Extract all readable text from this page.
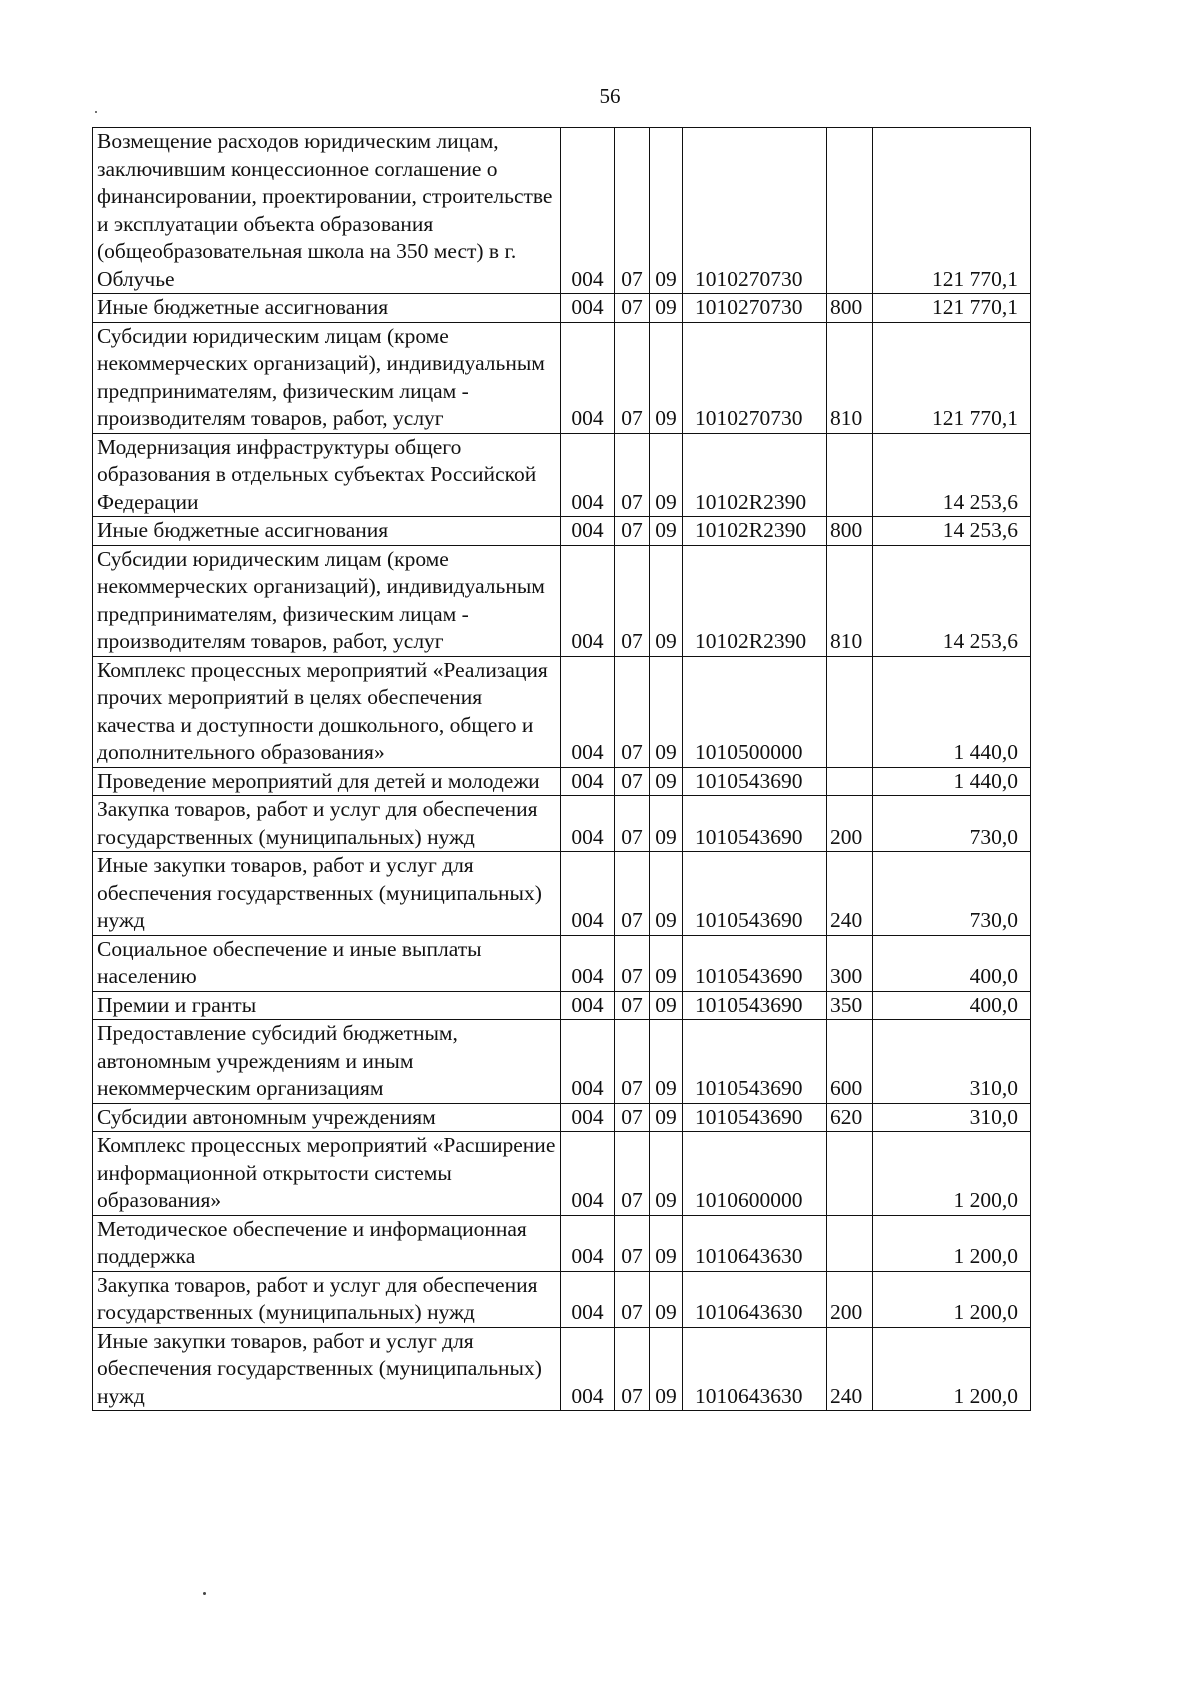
56
Возмещение расходов юридическим лицам, заключившим концессионное соглашение о финансировании, проектировании, строительстве и эксплуатации объекта образования (общеобразовательная школа на 350 мест) в г. Облучье	004	07	09	1010270730		121 770,1
Иные бюджетные ассигнования	004	07	09	1010270730	800	121 770,1
Субсидии юридическим лицам (кроме некоммерческих организаций), индивидуальным предпринимателям, физическим лицам - производителям товаров, работ, услуг	004	07	09	1010270730	810	121 770,1
Модернизация инфраструктуры общего образования в отдельных субъектах Российской Федерации	004	07	09	10102R2390		14 253,6
Иные бюджетные ассигнования	004	07	09	10102R2390	800	14 253,6
Субсидии юридическим лицам (кроме некоммерческих организаций), индивидуальным предпринимателям, физическим лицам - производителям товаров, работ, услуг	004	07	09	10102R2390	810	14 253,6
Комплекс процессных мероприятий «Реализация прочих мероприятий в целях обеспечения качества и доступности дошкольного, общего и дополнительного образования»	004	07	09	1010500000		1 440,0
Проведение мероприятий для детей и молодежи	004	07	09	1010543690		1 440,0
Закупка товаров, работ и услуг для обеспечения государственных (муниципальных) нужд	004	07	09	1010543690	200	730,0
Иные закупки товаров, работ и услуг для обеспечения государственных (муниципальных) нужд	004	07	09	1010543690	240	730,0
Социальное обеспечение и иные выплаты населению	004	07	09	1010543690	300	400,0
Премии и гранты	004	07	09	1010543690	350	400,0
Предоставление субсидий бюджетным, автономным учреждениям и иным некоммерческим организациям	004	07	09	1010543690	600	310,0
Субсидии автономным учреждениям	004	07	09	1010543690	620	310,0
Комплекс процессных мероприятий «Расширение информационной открытости системы образования»	004	07	09	1010600000		1 200,0
Методическое обеспечение и информационная поддержка	004	07	09	1010643630		1 200,0
Закупка товаров, работ и услуг для обеспечения государственных (муниципальных) нужд	004	07	09	1010643630	200	1 200,0
Иные закупки товаров, работ и услуг для обеспечения государственных (муниципальных) нужд	004	07	09	1010643630	240	1 200,0
